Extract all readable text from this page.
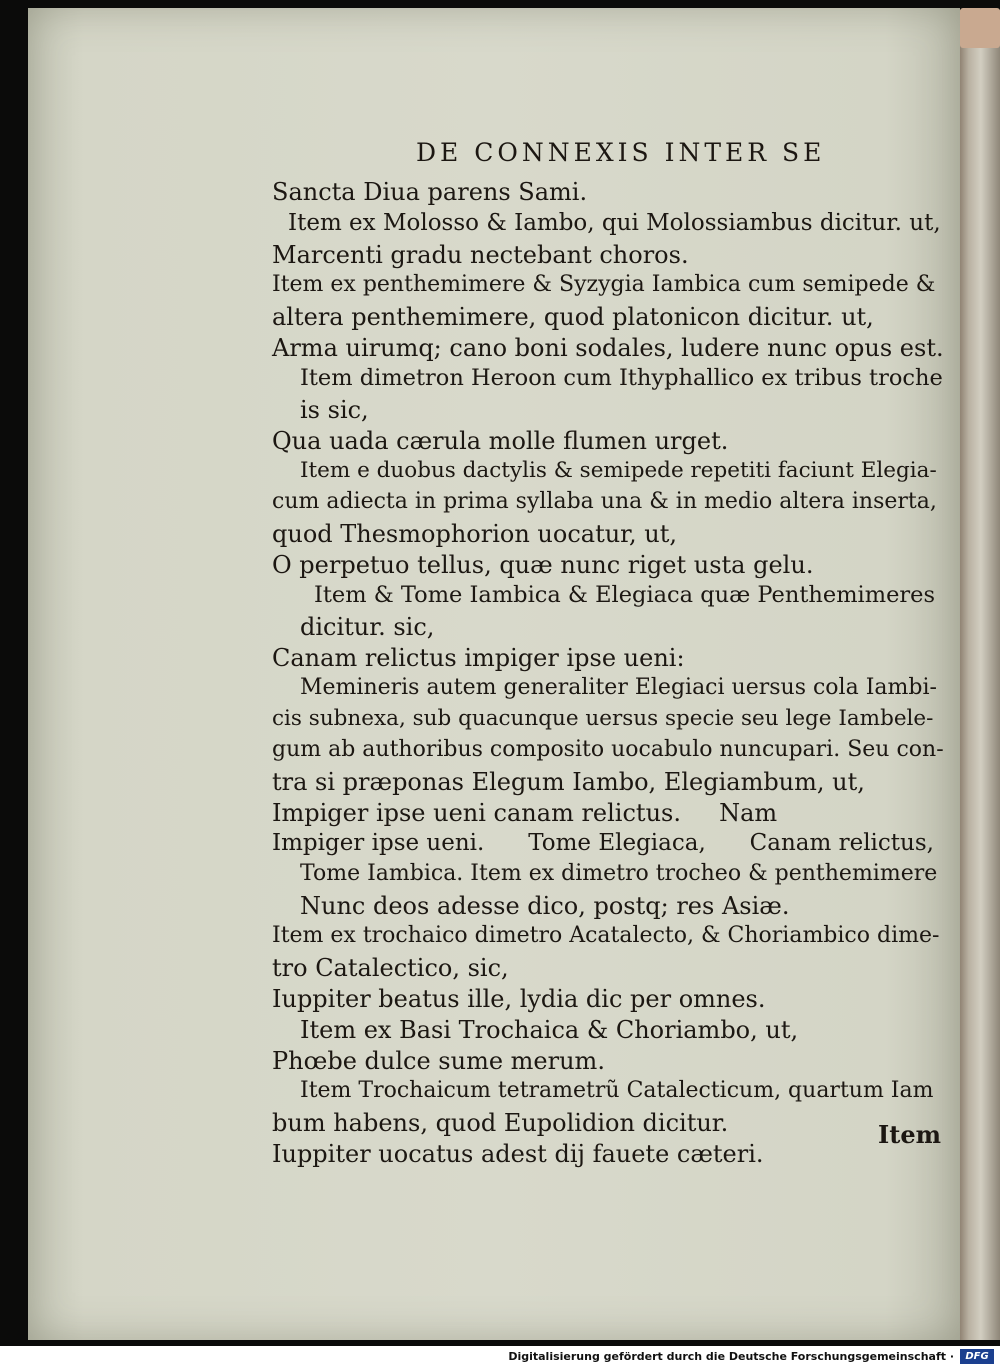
DE CONNEXIS INTER SE
Sancta Diua parens Sami.
Item ex Molosso & Iambo, qui Molossiambus dicitur. ut,
Marcenti gradu nectebant choros.
Item ex penthemimere & Syzygia Iambica cum semipede &
altera penthemimere, quod platonicon dicitur. ut,
Arma uirumq; cano boni sodales, ludere nunc opus est.
Item dimetron Heroon cum Ithyphallico ex tribus troche
is sic,
Qua uada cærula molle flumen urget.
Item e duobus dactylis & semipede repetiti faciunt Elegia-
cum adiecta in prima syllaba una & in medio altera inserta,
quod Thesmophorion uocatur, ut,
O perpetuo tellus, quæ nunc riget usta gelu.
Item & Tome Iambica & Elegiaca quæ Penthemimeres
dicitur. sic,
Canam relictus impiger ipse ueni:
Memineris autem generaliter Elegiaci uersus cola Iambi-
cis subnexa, sub quacunque uersus specie seu lege Iambele-
gum ab authoribus composito uocabulo nuncupari. Seu con-
tra si præponas Elegum Iambo, Elegiambum, ut,
Impiger ipse ueni canam relictus.     Nam
Impiger ipse ueni.      Tome Elegiaca,      Canam relictus,
Tome Iambica. Item ex dimetro trocheo & penthemimere
Nunc deos adesse dico, postq; res Asiæ.
Item ex trochaico dimetro Acatalecto, & Choriambico dime-
tro Catalectico, sic,
Iuppiter beatus ille, lydia dic per omnes.
Item ex Basi Trochaica & Choriambo, ut,
Phœbe dulce sume merum.
Item Trochaicum tetrametrũ Catalecticum, quartum Iam
bum habens, quod Eupolidion dicitur.
Iuppiter uocatus adest dij fauete cæteri.
Item
Digitalisierung gefördert durch die Deutsche Forschungsgemeinschaft ·	DFG
